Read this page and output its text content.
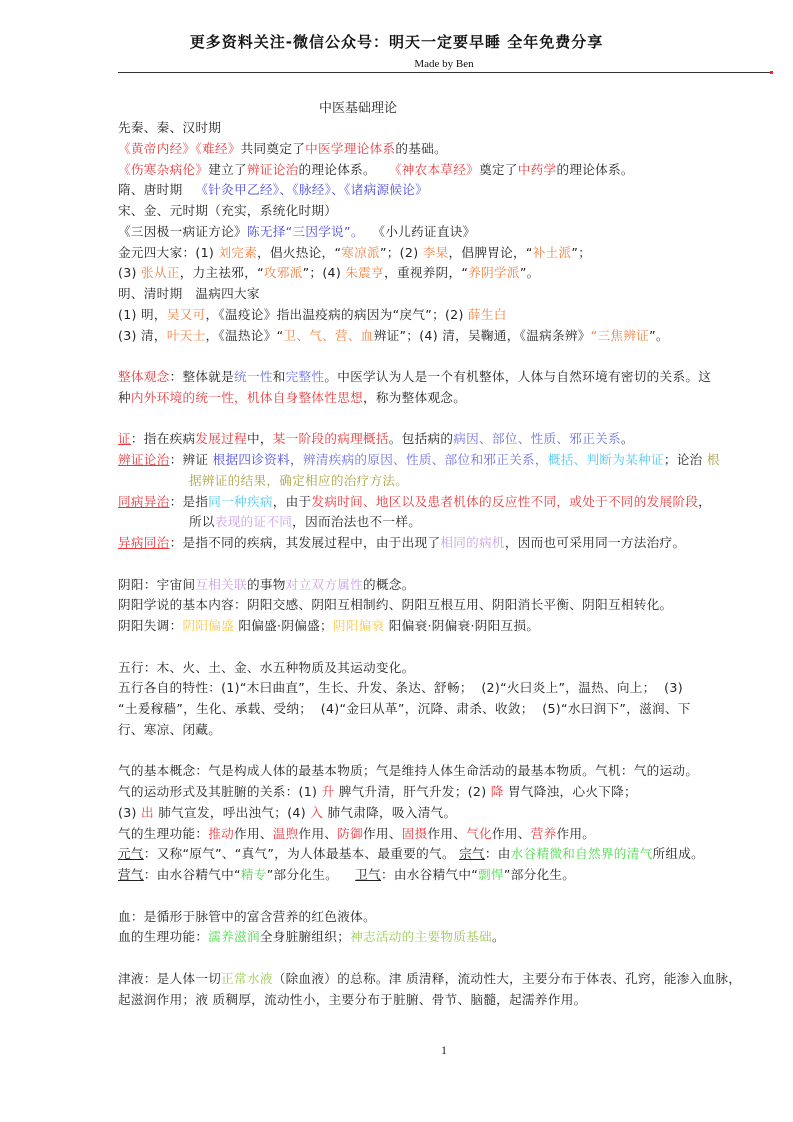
更多资料关注-微信公众号：明天一定要早睡 全年免费分享
Made by Ben
中医基础理论
先秦、秦、汉时期
《黄帝内经》《难经》共同奠定了中医学理论体系的基础。
《伤寒杂病伦》建立了辨证论治的理论体系。   《神农本草经》奠定了中药学的理论体系。
隋、唐时期   《针灸甲乙经》、《脉经》、《诸病源候论》
宋、金、元时期（充实，系统化时期）
《三因极一病证方论》陈无择“三因学说”。  《小儿药证直诀》
金元四大家：(1) 刘完素，倡火热论，“寒凉派”；(2) 李杲，倡脾胃论，“补土派”；
(3) 张从正，力主祛邪，“攻邪派”；(4) 朱震亨，重视养阴，“养阴学派”。
明、清时期   温病四大家
(1) 明，吴又可，《温疫论》指出温疫病的病因为“戾气”；(2) 薛生白
(3) 清，叶天士，《温热论》“卫、气、营、血辨证”；(4) 清，吴鞠通，《温病条辨》“三焦辨证”。
整体观念：整体就是统一性和完整性。中医学认为人是一个有机整体，人体与自然环境有密切的关系。这
种内外环境的统一性，机体自身整体性思想，称为整体观念。
证：指在疾病发展过程中，某一阶段的病理概括。包括病的病因、部位、性质、邪正关系。
辨证论治：辨证 根据四诊资料，辨清疾病的原因、性质、部位和邪正关系，概括、判断为某种证；论治 根
据辨证的结果，确定相应的治疗方法。
同病异治：是指同一种疾病，由于发病时间、地区以及患者机体的反应性不同，或处于不同的发展阶段，
所以表现的证不同，因而治法也不一样。
异病同治：是指不同的疾病，其发展过程中，由于出现了相同的病机，因而也可采用同一方法治疗。
阴阳：宇宙间互相关联的事物对立双方属性的概念。
阴阳学说的基本内容：阴阳交感、阴阳互相制约、阴阳互根互用、阴阳消长平衡、阴阳互相转化。
阴阳失调：阴阳偏盛 阳偏盛·阴偏盛；阴阳偏衰 阳偏衰·阴偏衰·阴阳互损。
五行：木、火、土、金、水五种物质及其运动变化。
五行各自的特性：(1)“木曰曲直”，生长、升发、条达、舒畅；  (2)“火曰炎上”，温热、向上；  (3)
“土爰稼穑”，生化、承载、受纳；  (4)“金曰从革”，沉降、肃杀、收敛；  (5)“水曰润下”，滋润、下
行、寒凉、闭藏。
气的基本概念：气是构成人体的最基本物质；气是维持人体生命活动的最基本物质。气机：气的运动。
气的运动形式及其脏腑的关系：(1) 升 脾气升清，肝气升发；(2) 降 胃气降浊，心火下降；
(3) 出 肺气宣发，呼出浊气；(4) 入 肺气肃降，吸入清气。
气的生理功能：推动作用、温煦作用、防御作用、固摄作用、气化作用、营养作用。
元气：又称“原气”、“真气”，为人体最基本、最重要的气。 宗气：由水谷精微和自然界的清气所组成。
营气：由水谷精气中“精专”部分化生。    卫气：由水谷精气中“剽悍”部分化生。
血：是循形于脉管中的富含营养的红色液体。
血的生理功能：濡养滋润全身脏腑组织；神志活动的主要物质基础。
津液：是人体一切正常水液（除血液）的总称。津 质清释，流动性大，主要分布于体表、孔窍，能渗入血脉，
起滋润作用；液 质稠厚，流动性小，主要分布于脏腑、骨节、脑髓，起濡养作用。
1
